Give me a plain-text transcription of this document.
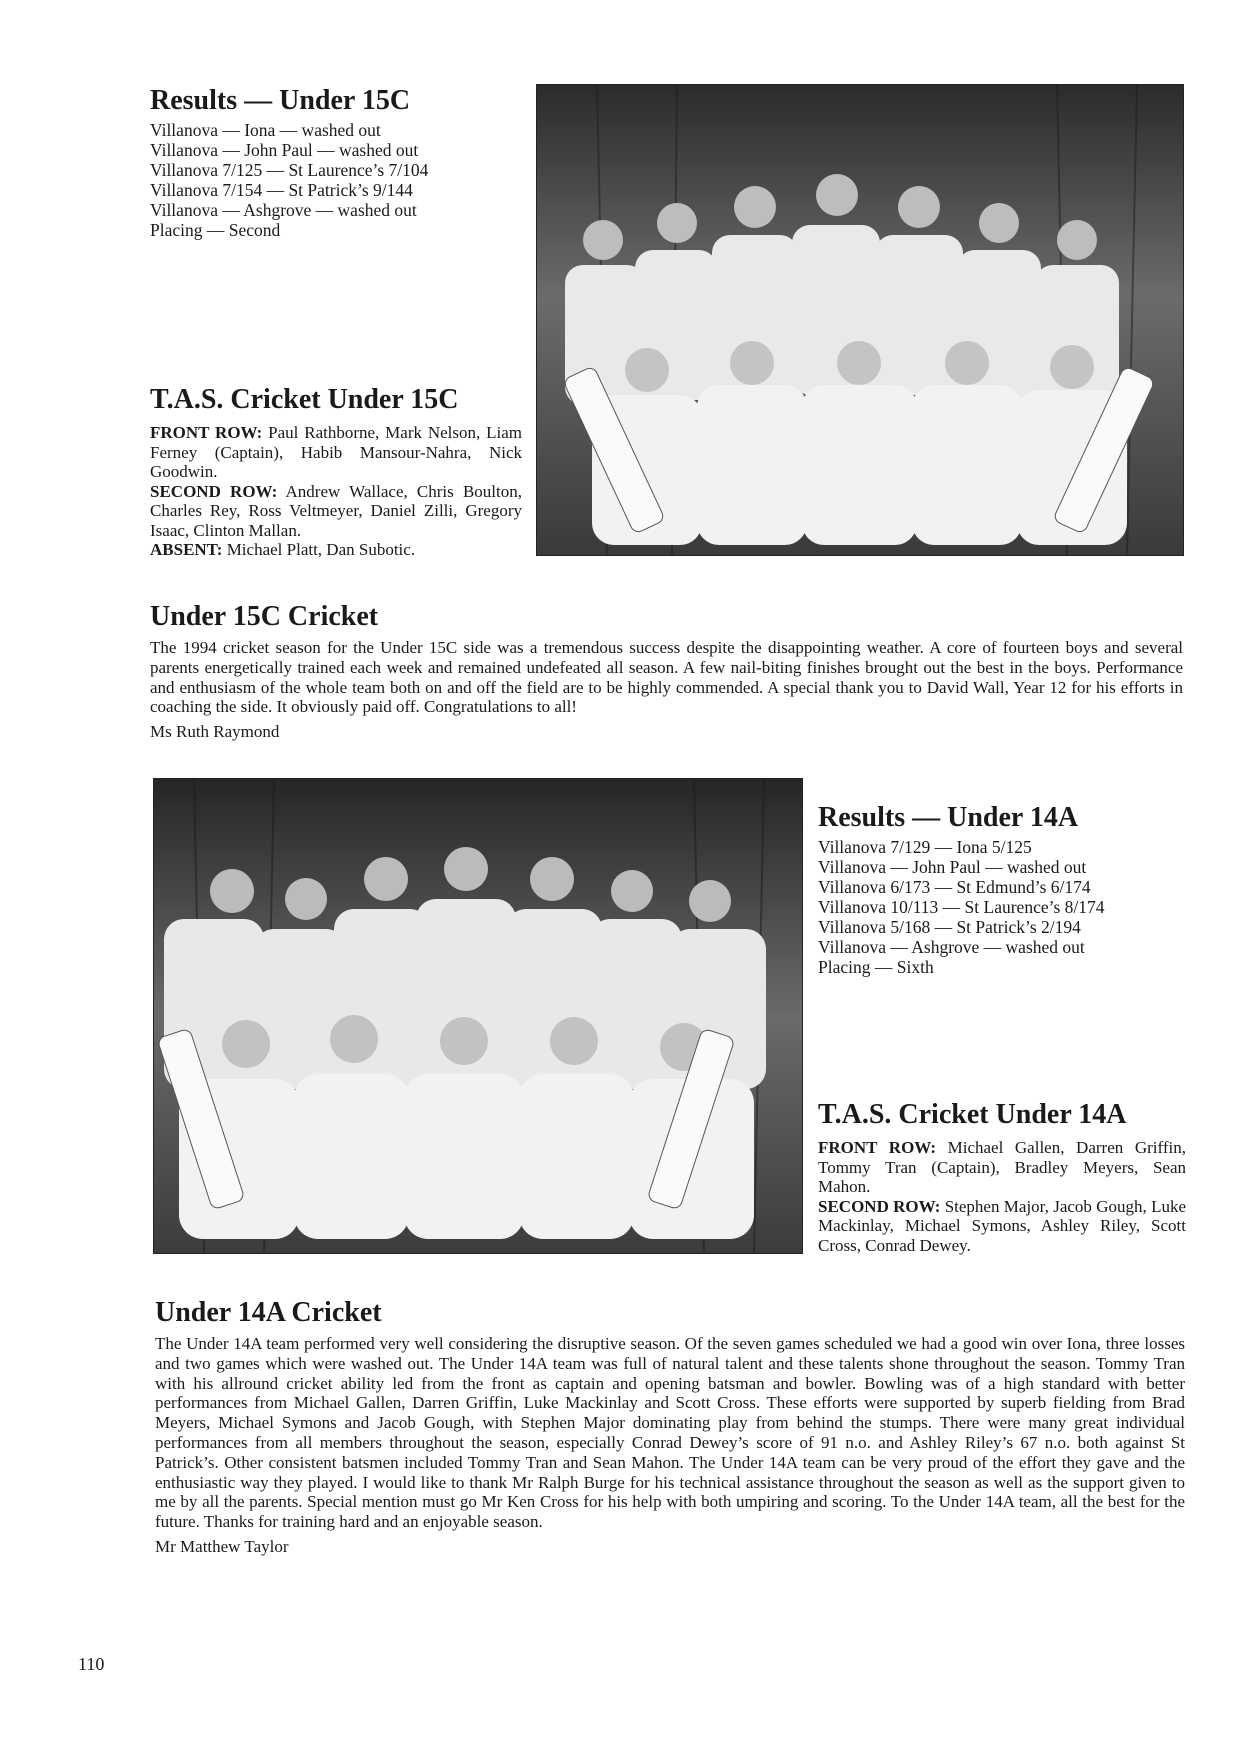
Results — Under 15C
Villanova — Iona — washed out
Villanova — John Paul — washed out
Villanova 7/125 — St Laurence’s 7/104
Villanova 7/154 — St Patrick’s 9/144
Villanova — Ashgrove — washed out
Placing — Second
T.A.S. Cricket Under 15C
FRONT ROW: Paul Rathborne, Mark Nelson, Liam Ferney (Captain), Habib Mansour-Nahra, Nick Goodwin.
SECOND ROW: Andrew Wallace, Chris Boulton, Charles Rey, Ross Veltmeyer, Daniel Zilli, Gregory Isaac, Clinton Mallan.
ABSENT: Michael Platt, Dan Subotic.
Under 15C Cricket
The 1994 cricket season for the Under 15C side was a tremendous success despite the disappointing weather. A core of fourteen boys and several parents energetically trained each week and remained undefeated all season. A few nail-biting finishes brought out the best in the boys. Performance and enthusiasm of the whole team both on and off the field are to be highly commended. A special thank you to David Wall, Year 12 for his efforts in coaching the side. It obviously paid off. Congratulations to all!
Ms Ruth Raymond
Results — Under 14A
Villanova 7/129 — Iona 5/125
Villanova — John Paul — washed out
Villanova 6/173 — St Edmund’s 6/174
Villanova 10/113 — St Laurence’s 8/174
Villanova 5/168 — St Patrick’s 2/194
Villanova — Ashgrove — washed out
Placing — Sixth
T.A.S. Cricket Under 14A
FRONT ROW: Michael Gallen, Darren Griffin, Tommy Tran (Captain), Bradley Meyers, Sean Mahon.
SECOND ROW: Stephen Major, Jacob Gough, Luke Mackinlay, Michael Symons, Ashley Riley, Scott Cross, Conrad Dewey.
Under 14A Cricket
The Under 14A team performed very well considering the disruptive season. Of the seven games scheduled we had a good win over Iona, three losses and two games which were washed out. The Under 14A team was full of natural talent and these talents shone throughout the season. Tommy Tran with his allround cricket ability led from the front as captain and opening batsman and bowler. Bowling was of a high standard with better performances from Michael Gallen, Darren Griffin, Luke Mackinlay and Scott Cross. These efforts were supported by superb fielding from Brad Meyers, Michael Symons and Jacob Gough, with Stephen Major dominating play from behind the stumps. There were many great individual performances from all members throughout the season, especially Conrad Dewey’s score of 91 n.o. and Ashley Riley’s 67 n.o. both against St Patrick’s. Other consistent batsmen included Tommy Tran and Sean Mahon. The Under 14A team can be very proud of the effort they gave and the enthusiastic way they played. I would like to thank Mr Ralph Burge for his technical assistance throughout the season as well as the support given to me by all the parents. Special mention must go Mr Ken Cross for his help with both umpiring and scoring. To the Under 14A team, all the best for the future. Thanks for training hard and an enjoyable season.
Mr Matthew Taylor
110
